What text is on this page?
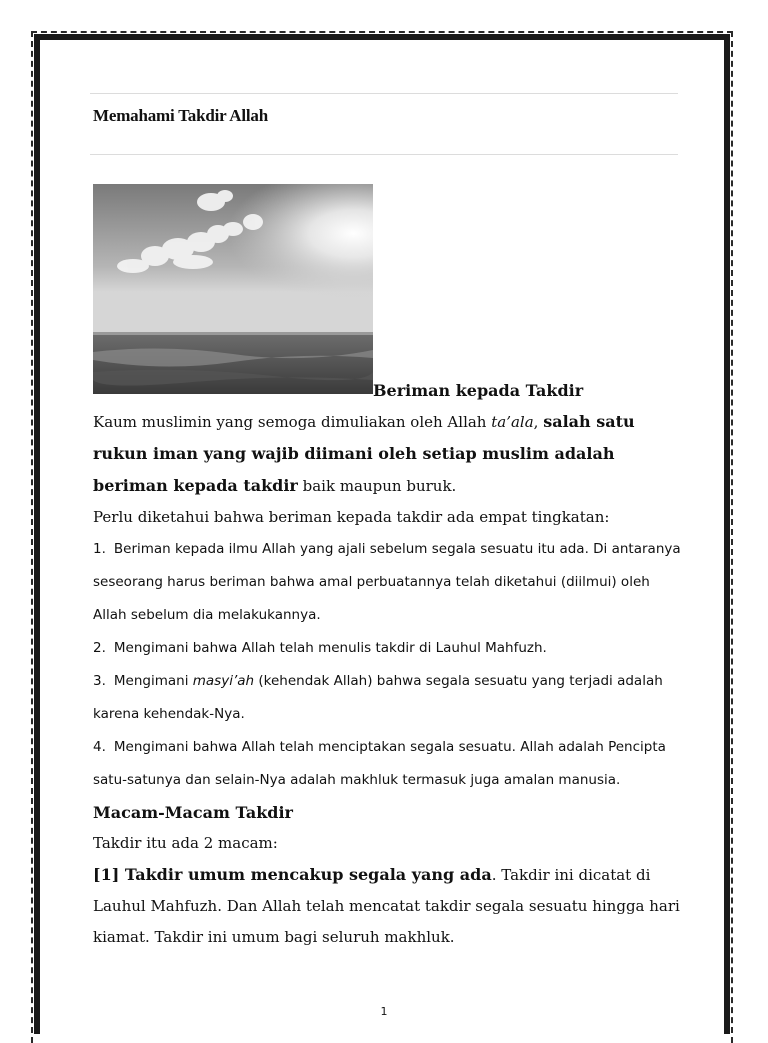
Memahami Takdir Allah

Beriman kepada Takdir

Kaum muslimin yang semoga dimuliakan oleh Allah ta’ala, salah satu rukun iman yang wajib diimani oleh setiap muslim adalah beriman kepada takdir baik maupun buruk.

Perlu diketahui bahwa beriman kepada takdir ada empat tingkatan:

1. Beriman kepada ilmu Allah yang ajali sebelum segala sesuatu itu ada. Di antaranya seseorang harus beriman bahwa amal perbuatannya telah diketahui (diilmui) oleh Allah sebelum dia melakukannya.
2. Mengimani bahwa Allah telah menulis takdir di Lauhul Mahfuzh.
3. Mengimani masyi’ah (kehendak Allah) bahwa segala sesuatu yang terjadi adalah karena kehendak-Nya.
4. Mengimani bahwa Allah telah menciptakan segala sesuatu. Allah adalah Pencipta satu-satunya dan selain-Nya adalah makhluk termasuk juga amalan manusia.

Macam-Macam Takdir

Takdir itu ada 2 macam:

[1] Takdir umum mencakup segala yang ada. Takdir ini dicatat di Lauhul Mahfuzh. Dan Allah telah mencatat takdir segala sesuatu hingga hari kiamat. Takdir ini umum bagi seluruh makhluk.

1
